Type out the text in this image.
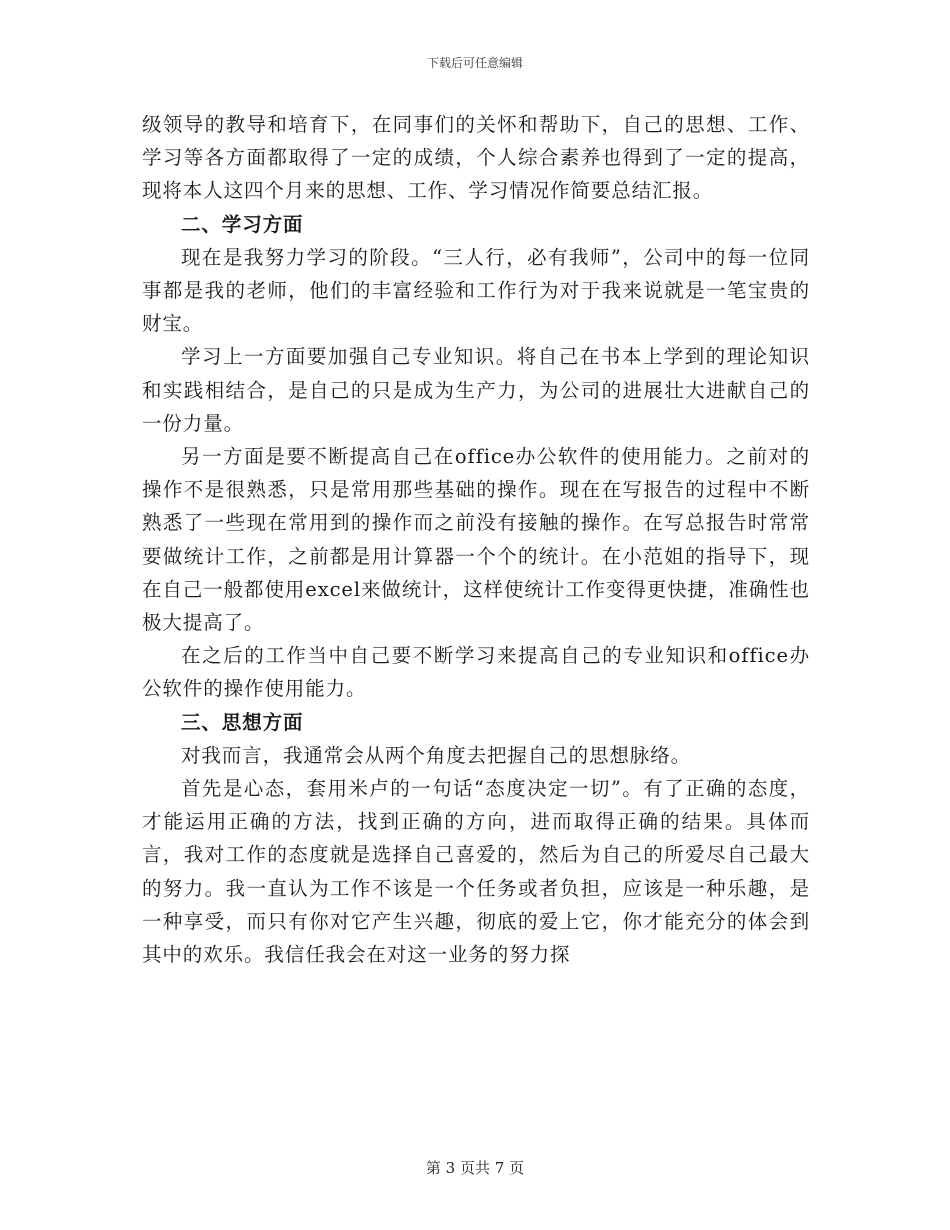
下载后可任意编辑

级领导的教导和培育下，在同事们的关怀和帮助下，自己的思想、工作、学习等各方面都取得了一定的成绩，个人综合素养也得到了一定的提高，现将本人这四个月来的思想、工作、学习情况作简要总结汇报。

二、学习方面

现在是我努力学习的阶段。“三人行，必有我师”，公司中的每一位同事都是我的老师，他们的丰富经验和工作行为对于我来说就是一笔宝贵的财宝。

学习上一方面要加强自己专业知识。将自己在书本上学到的理论知识和实践相结合，是自己的只是成为生产力，为公司的进展壮大进献自己的一份力量。

另一方面是要不断提高自己在office办公软件的使用能力。之前对的操作不是很熟悉，只是常用那些基础的操作。现在在写报告的过程中不断熟悉了一些现在常用到的操作而之前没有接触的操作。在写总报告时常常要做统计工作，之前都是用计算器一个个的统计。在小范姐的指导下，现在自己一般都使用excel来做统计，这样使统计工作变得更快捷，准确性也极大提高了。

在之后的工作当中自己要不断学习来提高自己的专业知识和office办公软件的操作使用能力。

三、思想方面

对我而言，我通常会从两个角度去把握自己的思想脉络。

首先是心态，套用米卢的一句话“态度决定一切”。有了正确的态度，才能运用正确的方法，找到正确的方向，进而取得正确的结果。具体而言，我对工作的态度就是选择自己喜爱的，然后为自己的所爱尽自己最大的努力。我一直认为工作不该是一个任务或者负担，应该是一种乐趣，是一种享受，而只有你对它产生兴趣，彻底的爱上它，你才能充分的体会到其中的欢乐。我信任我会在对这一业务的努力探

第 3 页共 7 页
